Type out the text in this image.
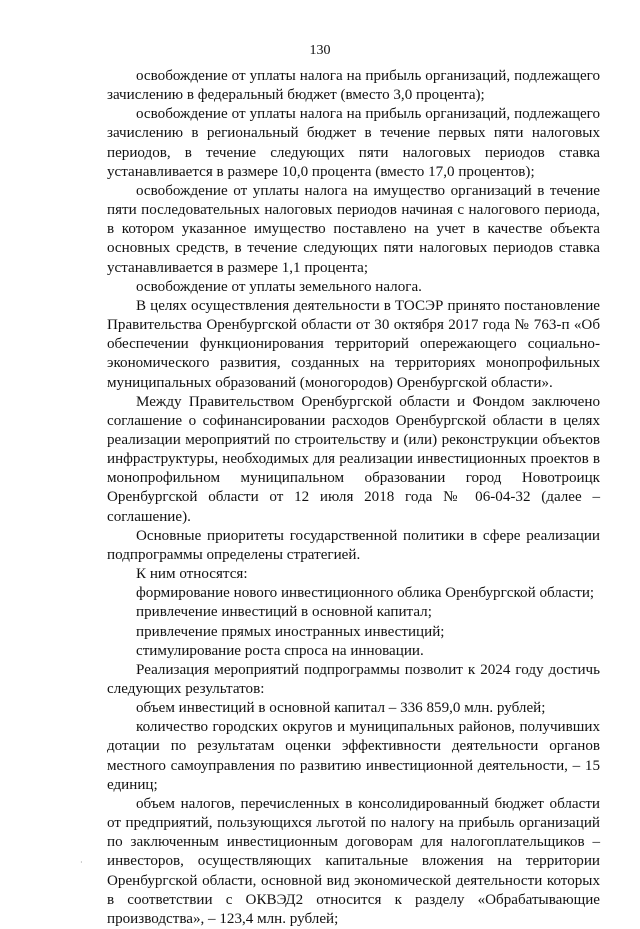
130

освобождение от уплаты налога на прибыль организаций, подлежащего зачислению в федеральный бюджет (вместо 3,0 процента);

освобождение от уплаты налога на прибыль организаций, подлежащего зачислению в региональный бюджет в течение первых пяти налоговых периодов, в течение следующих пяти налоговых периодов ставка устанавливается в размере 10,0 процента (вместо 17,0 процентов);

освобождение от уплаты налога на имущество организаций в течение пяти последовательных налоговых периодов начиная с налогового периода, в котором указанное имущество поставлено на учет в качестве объекта основных средств, в течение следующих пяти налоговых периодов ставка устанавливается в размере 1,1 процента;

освобождение от уплаты земельного налога.

В целях осуществления деятельности в ТОСЭР принято постановление Правительства Оренбургской области от 30 октября 2017 года № 763-п «Об обеспечении функционирования территорий опережающего социально-экономического развития, созданных на территориях монопрофильных муниципальных образований (моногородов) Оренбургской области».

Между Правительством Оренбургской области и Фондом заключено соглашение о софинансировании расходов Оренбургской области в целях реализации мероприятий по строительству и (или) реконструкции объектов инфраструктуры, необходимых для реализации инвестиционных проектов в монопрофильном муниципальном образовании город Новотроицк Оренбургской области от 12 июля 2018 года № 06-04-32 (далее – соглашение).

Основные приоритеты государственной политики в сфере реализации подпрограммы определены стратегией.

К ним относятся:

формирование нового инвестиционного облика Оренбургской области;

привлечение инвестиций в основной капитал;

привлечение прямых иностранных инвестиций;

стимулирование роста спроса на инновации.

Реализация мероприятий подпрограммы позволит к 2024 году достичь следующих результатов:

объем инвестиций в основной капитал – 336 859,0 млн. рублей;

количество городских округов и муниципальных районов, получивших дотации по результатам оценки эффективности деятельности органов местного самоуправления по развитию инвестиционной деятельности, – 15 единиц;

объем налогов, перечисленных в консолидированный бюджет области от предприятий, пользующихся льготой по налогу на прибыль организаций по заключенным инвестиционным договорам для налогоплательщиков – инвесторов, осуществляющих капитальные вложения на территории Оренбургской области, основной вид экономической деятельности которых в соответствии с ОКВЭД2 относится к разделу «Обрабатывающие производства», – 123,4 млн. рублей;

·
